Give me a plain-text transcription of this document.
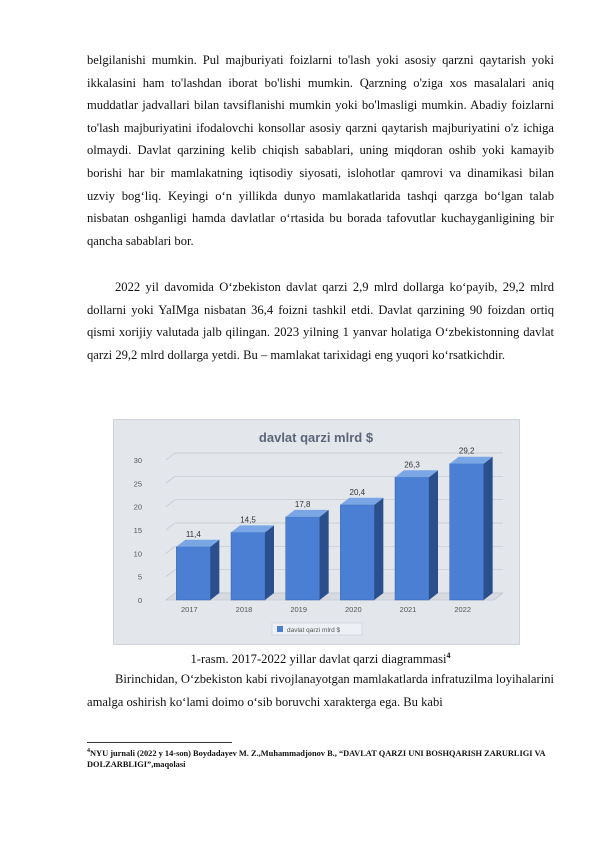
belgilanishi mumkin. Pul majburiyati foizlarni to'lash yoki asosiy qarzni qaytarish yoki ikkalasini ham to'lashdan iborat bo'lishi mumkin. Qarzning o'ziga xos masalalari aniq muddatlar jadvallari bilan tavsiflanishi mumkin yoki bo'lmasligi mumkin. Abadiy foizlarni to'lash majburiyatini ifodalovchi konsollar asosiy qarzni qaytarish majburiyatini o'z ichiga olmaydi. Davlat qarzining kelib chiqish sabablari, uning miqdoran oshib yoki kamayib borishi har bir mamlakatning iqtisodiy siyosati, islohotlar qamrovi va dinamikasi bilan uzviy bog‘liq. Keyingi o‘n yillikda dunyo mamlakatlarida tashqi qarzga bo‘lgan talab nisbatan oshganligi hamda davlatlar o‘rtasida bu borada tafovutlar kuchayganligining bir qancha sabablari bor.

2022 yil davomida O‘zbekiston davlat qarzi 2,9 mlrd dollarga ko‘payib, 29,2 mlrd dollarni yoki YaIMga nisbatan 36,4 foizni tashkil etdi. Davlat qarzining 90 foizdan ortiq qismi xorijiy valutada jalb qilingan. 2023 yilning 1 yanvar holatiga O‘zbekistonning davlat qarzi 29,2 mlrd dollarga yetdi. Bu – mamlakat tarixidagi eng yuqori ko‘rsatkichdir.

davlat qarzi mlrd $
0
5
10
15
20
25
30
11,4
2017
14,5
2018
17,8
2019
20,4
2020
26,3
2021
29,2
2022
davlat qarzi mlrd $
1-rasm. 2017-2022 yillar davlat qarzi diagrammasi$^4$

Birinchidan, O‘zbekiston kabi rivojlanayotgan mamlakatlarda infratuzilma loyihalarini amalga oshirish ko‘lami doimo o‘sib boruvchi xarakterga ega. Bu kabi

$^4$NYU jurnali (2022 y 14-son) Boydadayev M. Z.,Muhammadjonov B., “DAVLAT QARZI UNI BOSHQARISH ZARURLIGI VA DOLZARBLIGI”,maqolasi
